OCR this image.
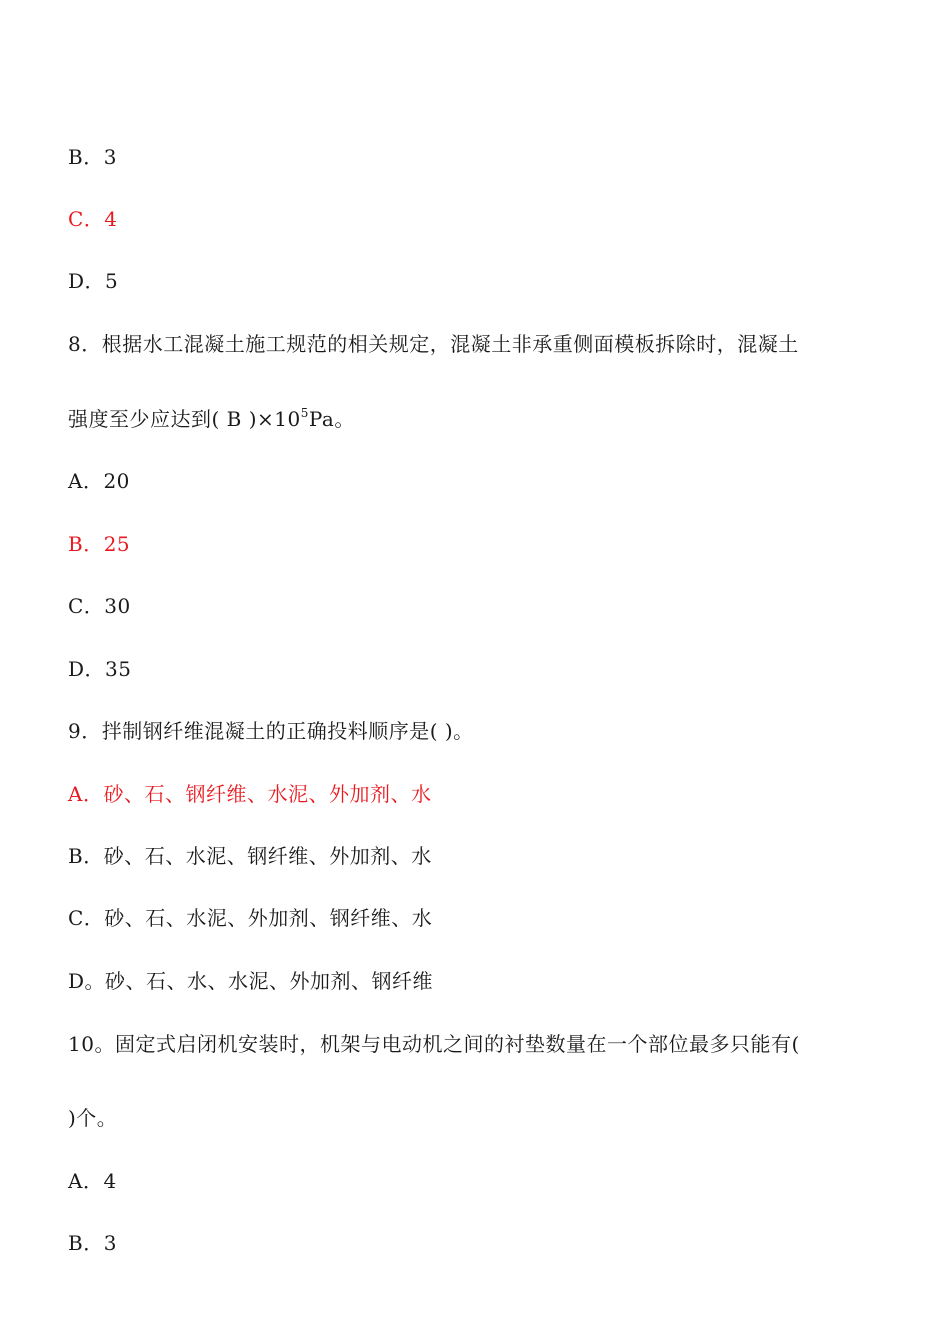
B．3
C．4
D．5
8．根据水工混凝土施工规范的相关规定，混凝土非承重侧面模板拆除时，混凝土
强度至少应达到( B )$\times 10^5Pa$。
A．20
B．25
C．30
D．35
9．拌制钢纤维混凝土的正确投料顺序是( )。
A．砂、石、钢纤维、水泥、外加剂、水
B．砂、石、水泥、钢纤维、外加剂、水
C．砂、石、水泥、外加剂、钢纤维、水
D。砂、石、水、水泥、外加剂、钢纤维
10。固定式启闭机安装时，机架与电动机之间的衬垫数量在一个部位最多只能有(
)个。
A．4
B．3
